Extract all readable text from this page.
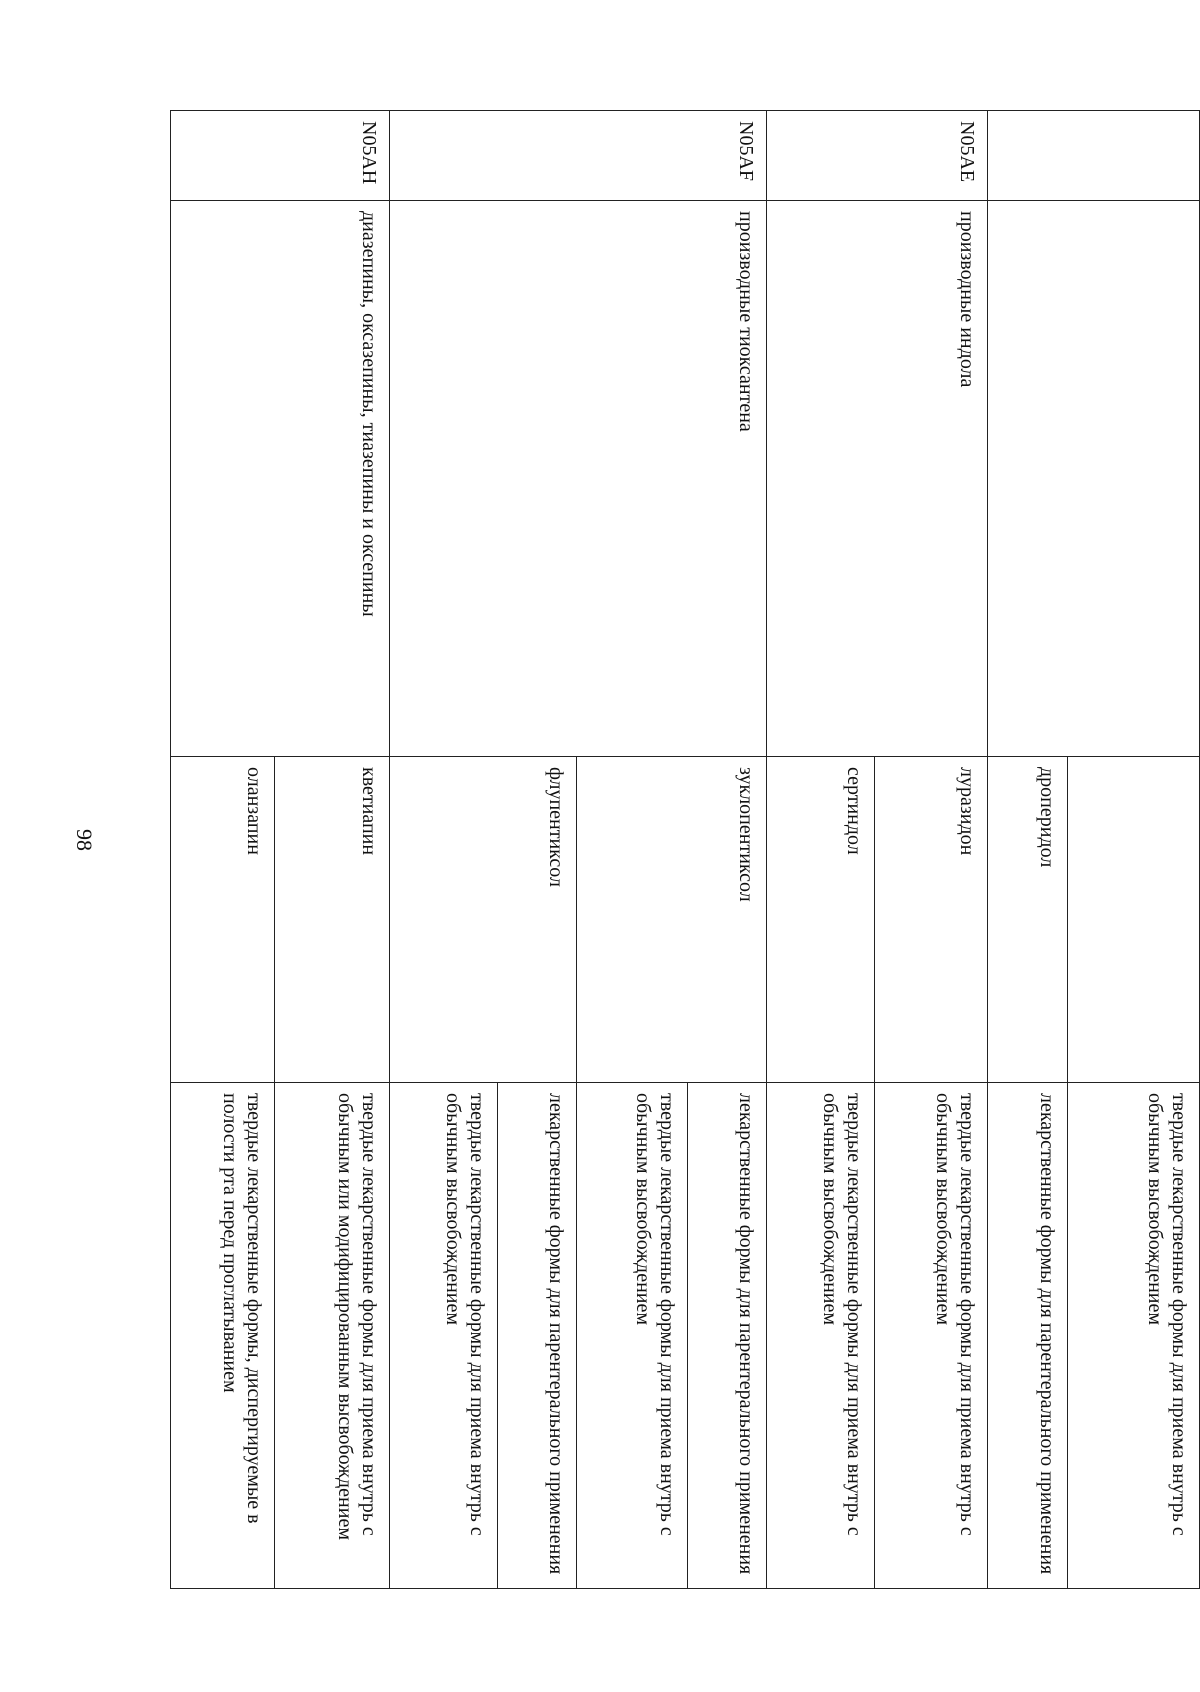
98
			твердые лекарственные формы для приема внутрь с обычным высвобождением
		дроперидол	лекарственные формы для парентерального применения
N05AE	производные индола	луразидон	твердые лекарственные формы для приема внутрь с обычным высвобождением
		сертиндол	твердые лекарственные формы для приема внутрь с обычным высвобождением
N05AF	производные тиоксантена	зуклопентиксол	лекарственные формы для парентерального применения
			твердые лекарственные формы для приема внутрь с обычным высвобождением
		флупентиксол	лекарственные формы для парентерального применения
			твердые лекарственные формы для приема внутрь с обычным высвобождением
N05AH	диазепины, оксазепины, тиазепины и оксепины	кветиапин	твердые лекарственные формы для приема внутрь с обычным или модифицированным высвобождением
		оланзапин	твердые лекарственные формы, диспергируемые в полости рта перед проглатыванием
